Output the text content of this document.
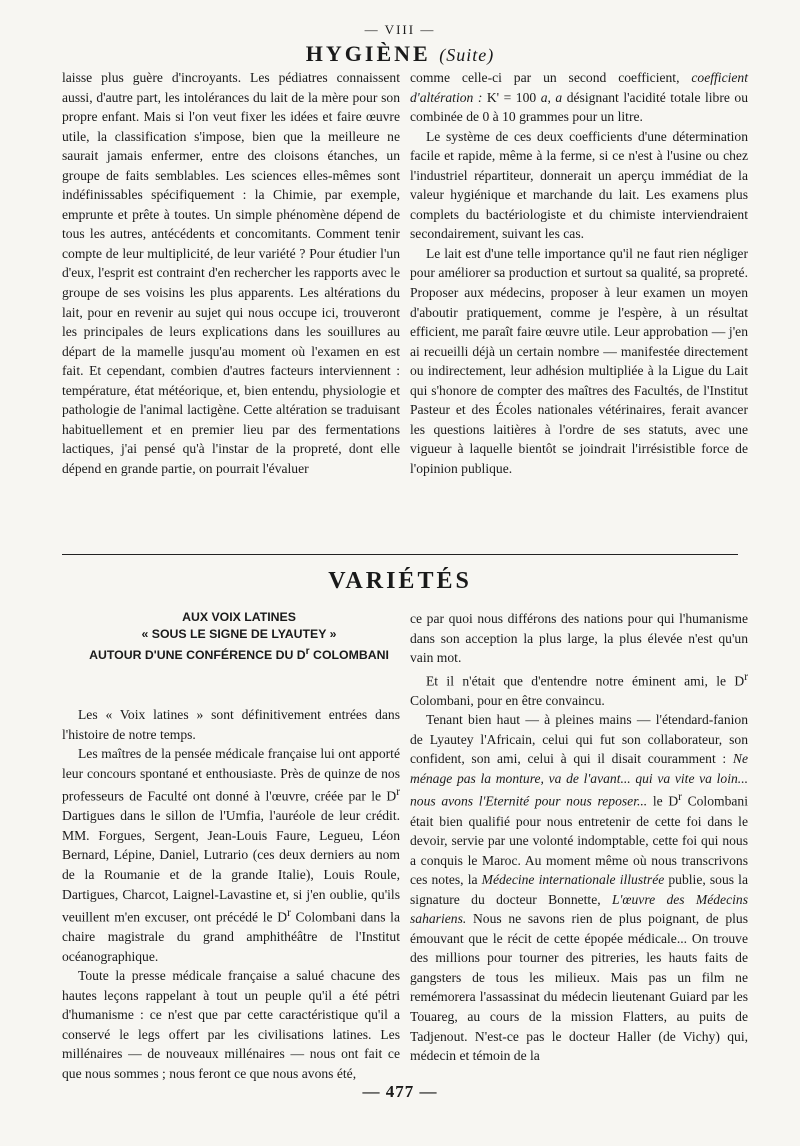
— VIII —
HYGIÈNE (Suite)

laisse plus guère d'incroyants. Les pédiatres connaissent aussi, d'autre part, les intolérances du lait de la mère pour son propre enfant. Mais si l'on veut fixer les idées et faire œuvre utile, la classification s'impose, bien que la meilleure ne saurait jamais enfermer, entre des cloisons étanches, un groupe de faits semblables. Les sciences elles-mêmes sont indéfinissables spécifiquement : la Chimie, par exemple, emprunte et prête à toutes. Un simple phénomène dépend de tous les autres, antécédents et concomitants. Comment tenir compte de leur multiplicité, de leur variété ? Pour étudier l'un d'eux, l'esprit est contraint d'en rechercher les rapports avec le groupe de ses voisins les plus apparents. Les altérations du lait, pour en revenir au sujet qui nous occupe ici, trouveront les principales de leurs explications dans les souillures au départ de la mamelle jusqu'au moment où l'examen en est fait. Et cependant, combien d'autres facteurs interviennent : température, état météorique, et, bien entendu, physiologie et pathologie de l'animal lactigène. Cette altération se traduisant habituellement et en premier lieu par des fermentations lactiques, j'ai pensé qu'à l'instar de la propreté, dont elle dépend en grande partie, on pourrait l'évaluer

comme celle-ci par un second coefficient, coefficient d'altération : K' = 100 a, a désignant l'acidité totale libre ou combinée de 0 à 10 grammes pour un litre.

Le système de ces deux coefficients d'une détermination facile et rapide, même à la ferme, si ce n'est à l'usine ou chez l'industriel répartiteur, donnerait un aperçu immédiat de la valeur hygiénique et marchande du lait. Les examens plus complets du bactériologiste et du chimiste interviendraient secondairement, suivant les cas.

Le lait est d'une telle importance qu'il ne faut rien négliger pour améliorer sa production et surtout sa qualité, sa propreté. Proposer aux médecins, proposer à leur examen un moyen d'aboutir pratiquement, comme je l'espère, à un résultat efficient, me paraît faire œuvre utile. Leur approbation — j'en ai recueilli déjà un certain nombre — manifestée directement ou indirectement, leur adhésion multipliée à la Ligue du Lait qui s'honore de compter des maîtres des Facultés, de l'Institut Pasteur et des Écoles nationales vétérinaires, ferait avancer les questions laitières à l'ordre de ses statuts, avec une vigueur à laquelle bientôt se joindrait l'irrésistible force de l'opinion publique.

VARIÉTÉS

AUX VOIX LATINES

« SOUS LE SIGNE DE LYAUTEY »

AUTOUR D'UNE CONFÉRENCE DU $D^r$ COLOMBANI

Les « Voix latines » sont définitivement entrées dans l'histoire de notre temps.

Les maîtres de la pensée médicale française lui ont apporté leur concours spontané et enthousiaste. Près de quinze de nos professeurs de Faculté ont donné à l'œuvre, créée par le $D^r$ Dartigues dans le sillon de l'Umfia, l'auréole de leur crédit. MM. Forgues, Sergent, Jean-Louis Faure, Legueu, Léon Bernard, Lépine, Daniel, Lutrario (ces deux derniers au nom de la Roumanie et de la grande Italie), Louis Roule, Dartigues, Charcot, Laignel-Lavastine et, si j'en oublie, qu'ils veuillent m'en excuser, ont précédé le $D^r$ Colombani dans la chaire magistrale du grand amphithéâtre de l'Institut océanographique.

Toute la presse médicale française a salué chacune des hautes leçons rappelant à tout un peuple qu'il a été pétri d'humanisme : ce n'est que par cette caractéristique qu'il a conservé le legs offert par les civilisations latines. Les millénaires — de nouveaux millénaires — nous ont fait ce que nous sommes ; nous feront ce que nous avons été,

ce par quoi nous différons des nations pour qui l'humanisme dans son acception la plus large, la plus élevée n'est qu'un vain mot.

Et il n'était que d'entendre notre éminent ami, le $D^r$ Colombani, pour en être convaincu.

Tenant bien haut — à pleines mains — l'étendard-fanion de Lyautey l'Africain, celui qui fut son collaborateur, son confident, son ami, celui à qui il disait couramment : Ne ménage pas la monture, va de l'avant... qui va vite va loin... nous avons l'Eternité pour nous reposer... le $D^r$ Colombani était bien qualifié pour nous entretenir de cette foi dans le devoir, servie par une volonté indomptable, cette foi qui nous a conquis le Maroc. Au moment même où nous transcrivons ces notes, la Médecine internationale illustrée publie, sous la signature du docteur Bonnette, L'œuvre des Médecins sahariens. Nous ne savons rien de plus poignant, de plus émouvant que le récit de cette épopée médicale... On trouve des millions pour tourner des pitreries, les hauts faits de gangsters de tous les milieux. Mais pas un film ne remémorera l'assassinat du médecin lieutenant Guiard par les Touareg, au cours de la mission Flatters, au puits de Tadjenout. N'est-ce pas le docteur Haller (de Vichy) qui, médecin et témoin de la

— 477 —
